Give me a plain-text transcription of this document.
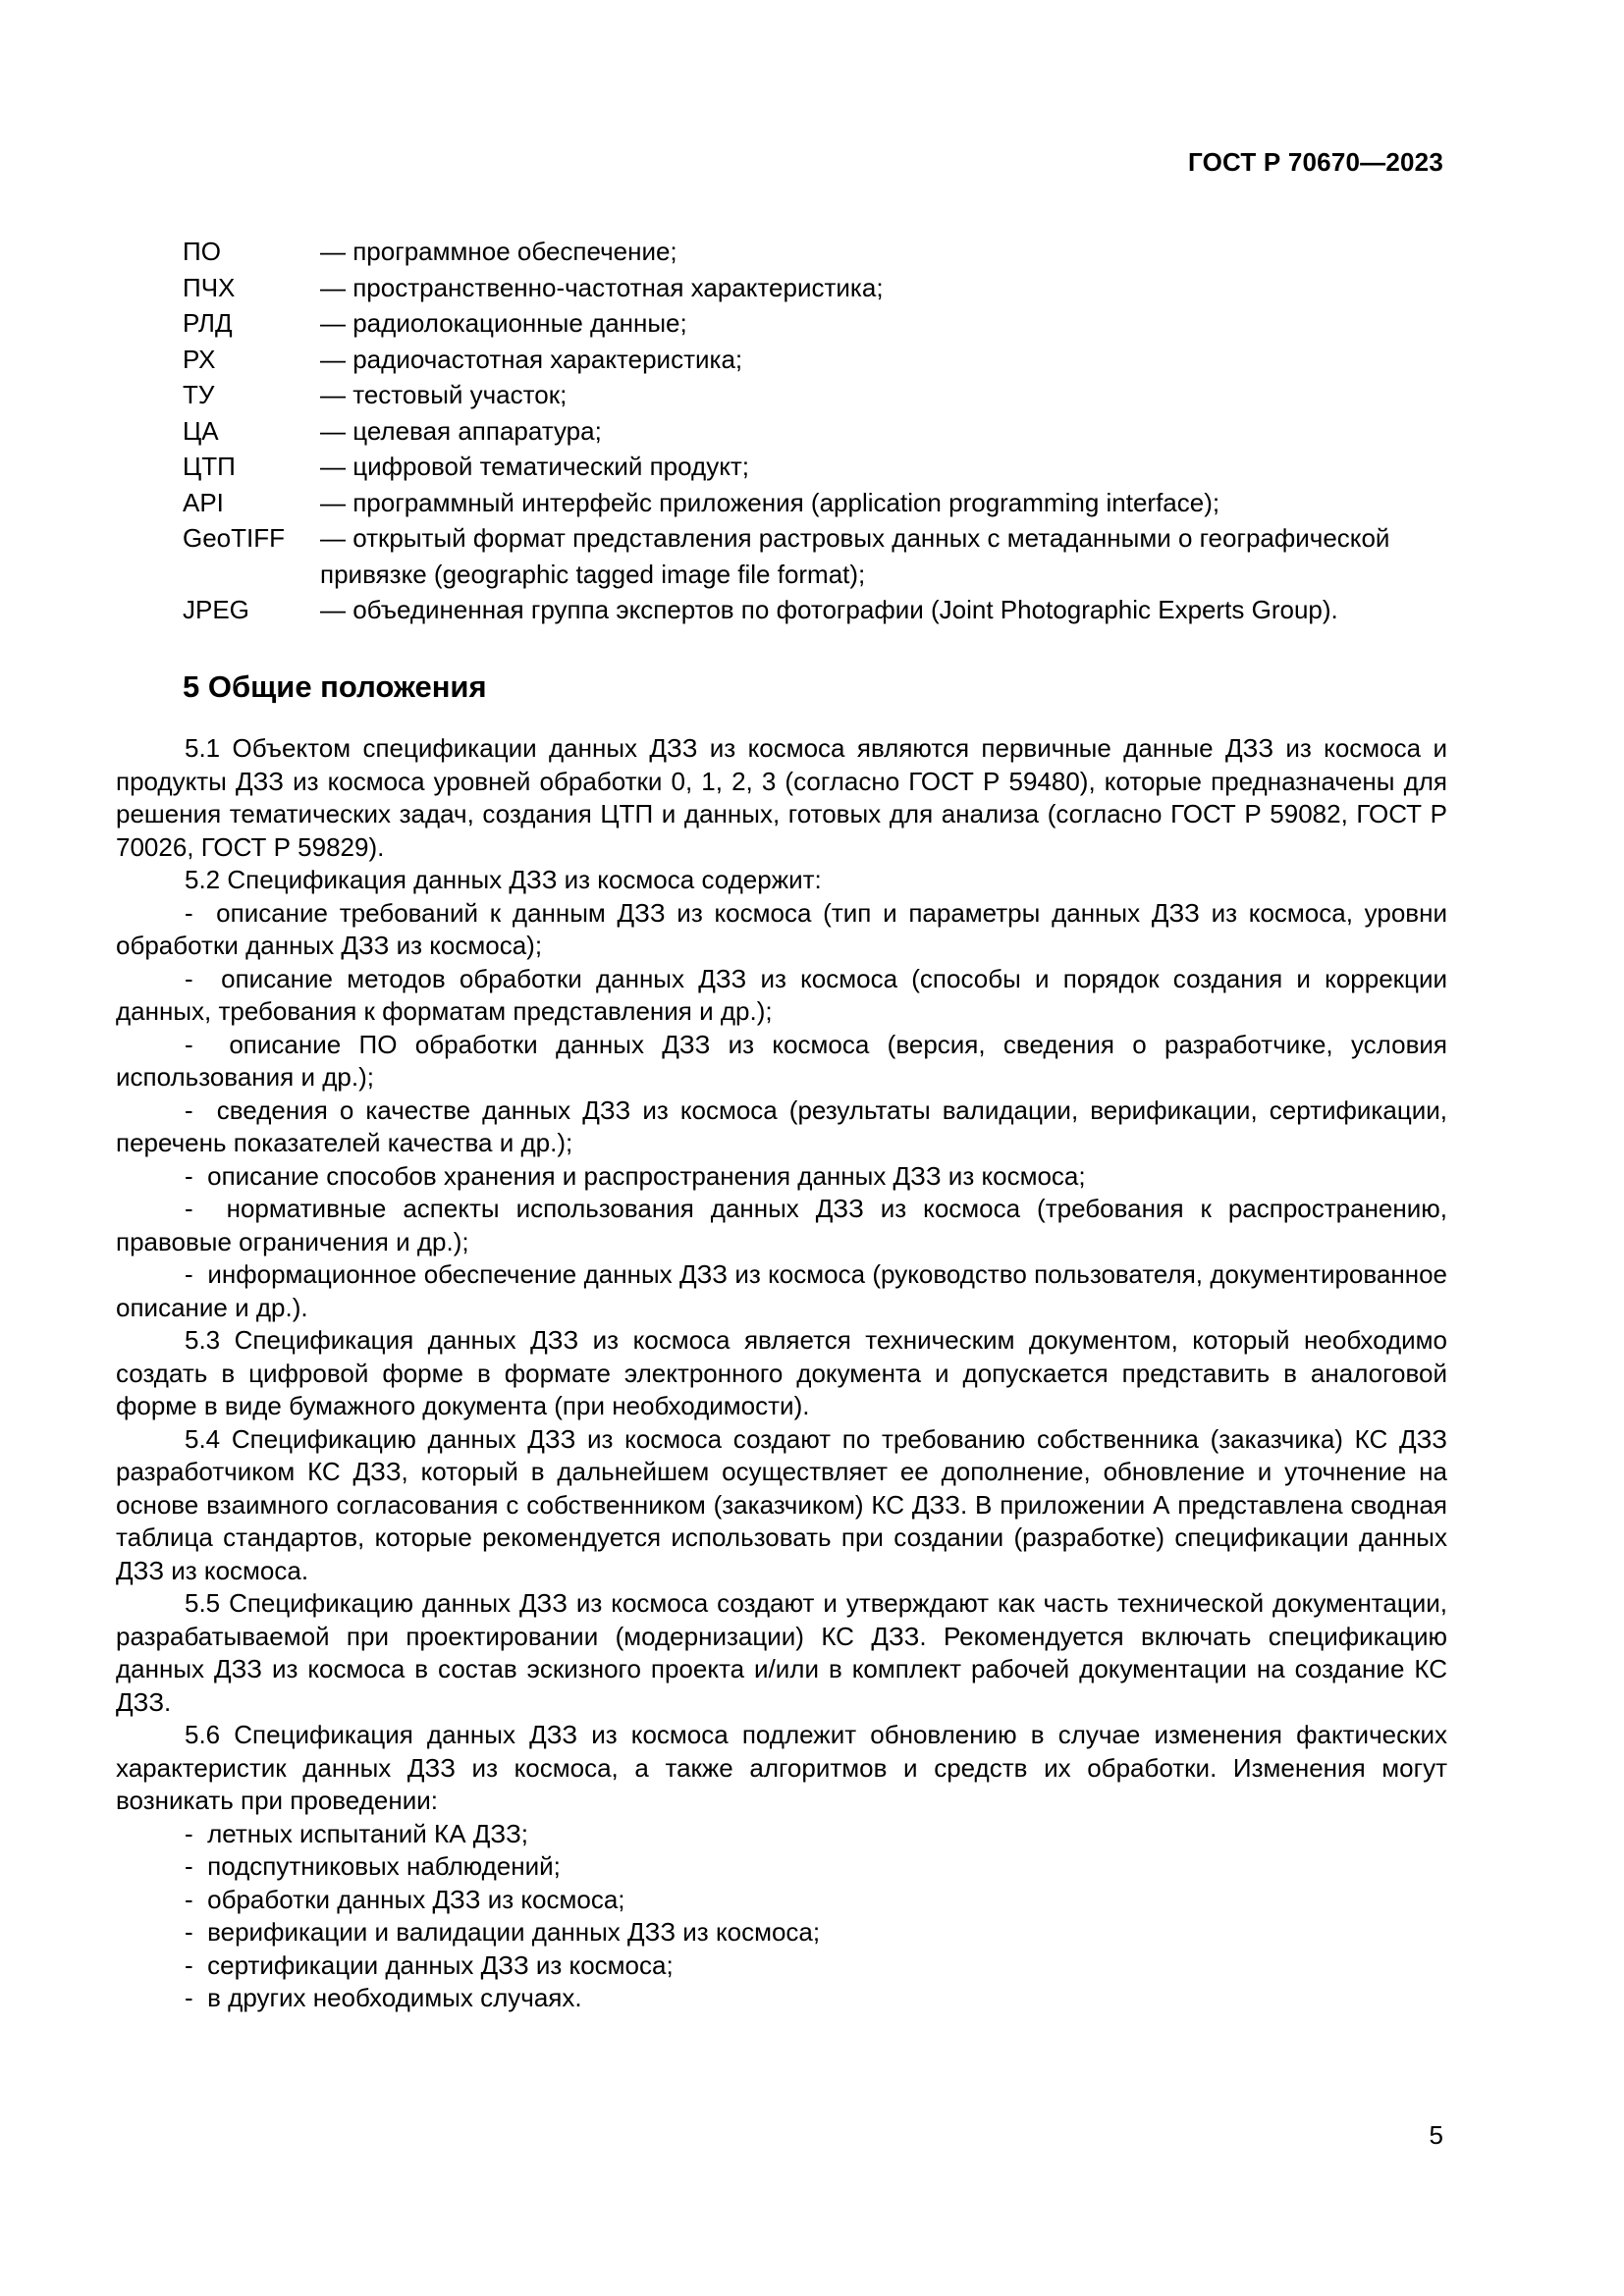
ГОСТ Р 70670—2023
ПО	— программное обеспечение;
ПЧХ	— пространственно-частотная характеристика;
РЛД	— радиолокационные данные;
РХ	— радиочастотная характеристика;
ТУ	— тестовый участок;
ЦА	— целевая аппаратура;
ЦТП	— цифровой тематический продукт;
API	— программный интерфейс приложения (application programming interface);
GeoTIFF	— открытый формат представления растровых данных с метаданными о географической привязке (geographic tagged image file format);
JPEG	— объединенная группа экспертов по фотографии (Joint Photographic Experts Group).
5 Общие положения

5.1 Объектом спецификации данных ДЗЗ из космоса являются первичные данные ДЗЗ из космоса и продукты ДЗЗ из космоса уровней обработки 0, 1, 2, 3 (согласно ГОСТ Р 59480), которые предназначены для решения тематических задач, создания ЦТП и данных, готовых для анализа (согласно ГОСТ Р 59082, ГОСТ Р 70026, ГОСТ Р 59829).

5.2 Спецификация данных ДЗЗ из космоса содержит:

-  описание требований к данным ДЗЗ из космоса (тип и параметры данных ДЗЗ из космоса, уровни обработки данных ДЗЗ из космоса);

-  описание методов обработки данных ДЗЗ из космоса (способы и порядок создания и коррекции данных, требования к форматам представления и др.);

-  описание ПО обработки данных ДЗЗ из космоса (версия, сведения о разработчике, условия использования и др.);

-  сведения о качестве данных ДЗЗ из космоса (результаты валидации, верификации, сертификации, перечень показателей качества и др.);

-  описание способов хранения и распространения данных ДЗЗ из космоса;

-  нормативные аспекты использования данных ДЗЗ из космоса (требования к распространению, правовые ограничения и др.);

-  информационное обеспечение данных ДЗЗ из космоса (руководство пользователя, документированное описание и др.).

5.3 Спецификация данных ДЗЗ из космоса является техническим документом, который необходимо создать в цифровой форме в формате электронного документа и допускается представить в аналоговой форме в виде бумажного документа (при необходимости).

5.4 Спецификацию данных ДЗЗ из космоса создают по требованию собственника (заказчика) КС ДЗЗ разработчиком КС ДЗЗ, который в дальнейшем осуществляет ее дополнение, обновление и уточнение на основе взаимного согласования с собственником (заказчиком) КС ДЗЗ. В приложении А представлена сводная таблица стандартов, которые рекомендуется использовать при создании (разработке) спецификации данных ДЗЗ из космоса.

5.5 Спецификацию данных ДЗЗ из космоса создают и утверждают как часть технической документации, разрабатываемой при проектировании (модернизации) КС ДЗЗ. Рекомендуется включать спецификацию данных ДЗЗ из космоса в состав эскизного проекта и/или в комплект рабочей документации на создание КС ДЗЗ.

5.6 Спецификация данных ДЗЗ из космоса подлежит обновлению в случае изменения фактических характеристик данных ДЗЗ из космоса, а также алгоритмов и средств их обработки. Изменения могут возникать при проведении:

-  летных испытаний КА ДЗЗ;

-  подспутниковых наблюдений;

-  обработки данных ДЗЗ из космоса;

-  верификации и валидации данных ДЗЗ из космоса;

-  сертификации данных ДЗЗ из космоса;

-  в других необходимых случаях.

5
